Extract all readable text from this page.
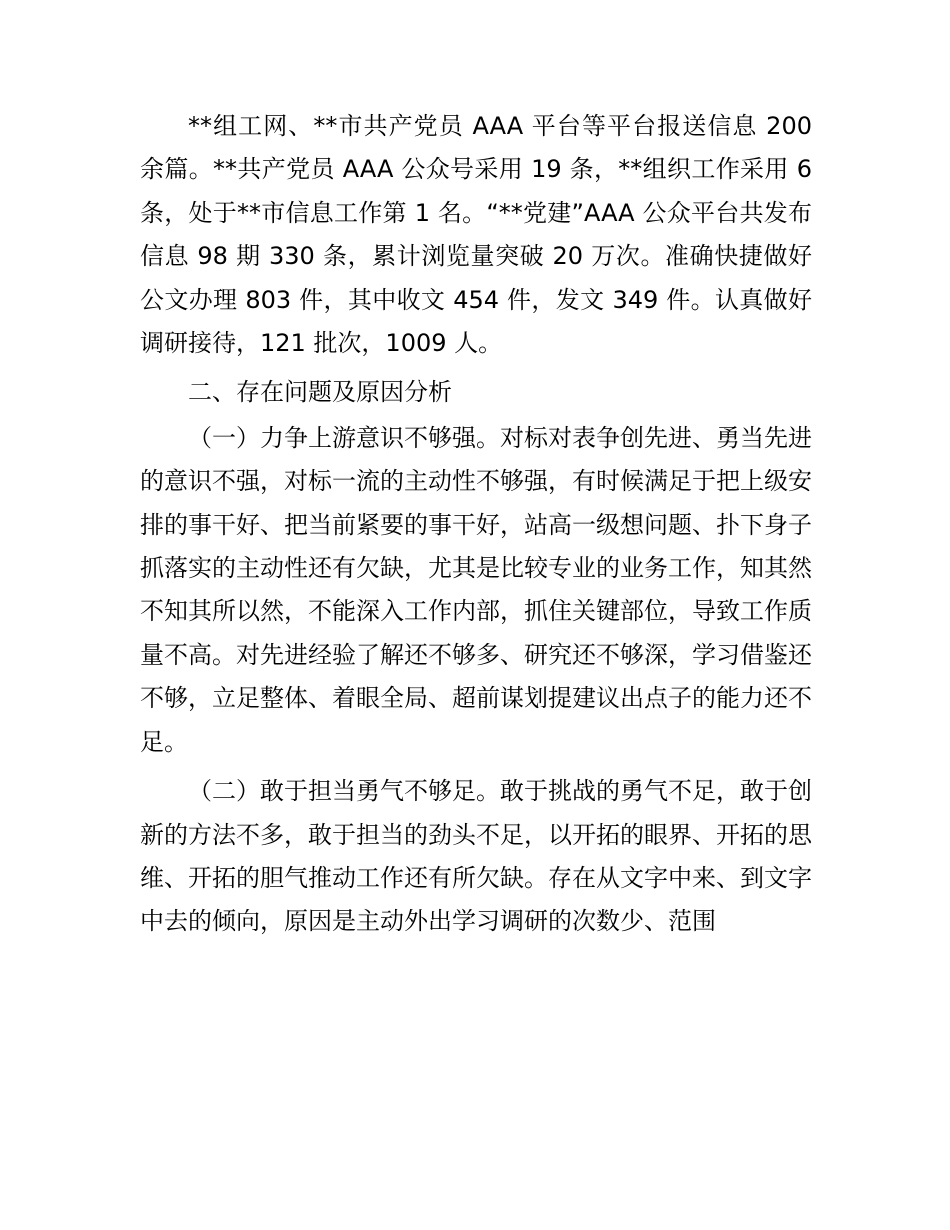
**组工网、**市共产党员 AAA 平台等平台报送信息 200 余篇。**共产党员 AAA 公众号采用 19 条，**组织工作采用 6 条，处于**市信息工作第 1 名。“**党建”AAA 公众平台共发布信息 98 期 330 条，累计浏览量突破 20 万次。准确快捷做好公文办理 803 件，其中收文 454 件，发文 349 件。认真做好调研接待，121 批次，1009 人。

二、存在问题及原因分析

（一）力争上游意识不够强。对标对表争创先进、勇当先进的意识不强，对标一流的主动性不够强，有时候满足于把上级安排的事干好、把当前紧要的事干好，站高一级想问题、扑下身子抓落实的主动性还有欠缺，尤其是比较专业的业务工作，知其然不知其所以然，不能深入工作内部，抓住关键部位，导致工作质量不高。对先进经验了解还不够多、研究还不够深，学习借鉴还不够，立足整体、着眼全局、超前谋划提建议出点子的能力还不足。

（二）敢于担当勇气不够足。敢于挑战的勇气不足，敢于创新的方法不多，敢于担当的劲头不足，以开拓的眼界、开拓的思维、开拓的胆气推动工作还有所欠缺。存在从文字中来、到文字中去的倾向，原因是主动外出学习调研的次数少、范围
